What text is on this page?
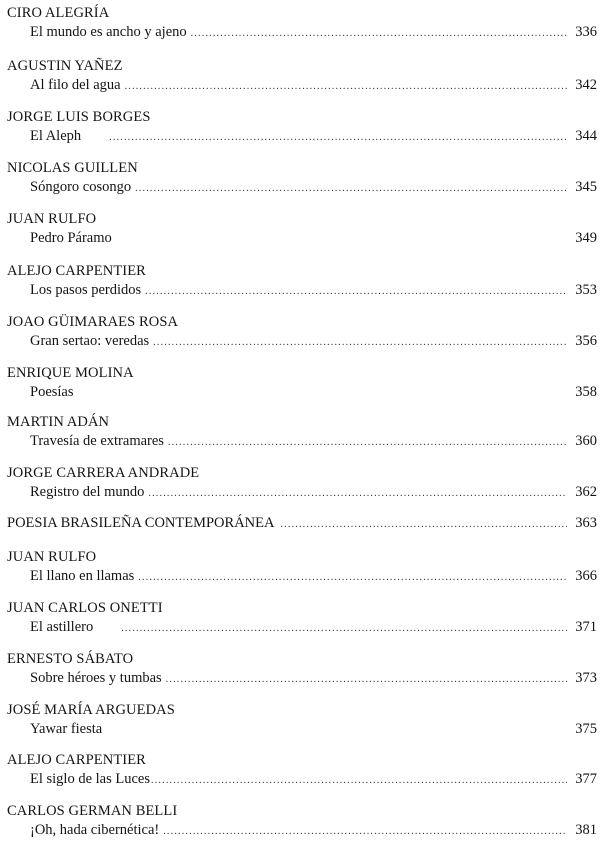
CIRO ALEGRÍA
El mundo es ancho y ajeno .....	336
AGUSTIN YAÑEZ
Al filo del agua .....	342
JORGE LUIS BORGES
El Aleph .....	344
NICOLAS GUILLEN
Sóngoro cosongo .....	345
JUAN RULFO
Pedro Páramo	349
ALEJO CARPENTIER
Los pasos perdidos .....	353
JOAO GÜIMARAES ROSA
Gran sertao: veredas .....	356
ENRIQUE MOLINA
Poesías	358
MARTIN ADÁN
Travesía de extramares .....	360
JORGE CARRERA ANDRADE
Registro del mundo .....	362
POESIA BRASILEÑA CONTEMPORÁNEA .....	363
JUAN RULFO
El llano en llamas .....	366
JUAN CARLOS ONETTI
El astillero .....	371
ERNESTO SÁBATO
Sobre héroes y tumbas .....	373
JOSÉ MARÍA ARGUEDAS
Yawar fiesta	375
ALEJO CARPENTIER
El siglo de las Luces .....	377
CARLOS GERMAN BELLI
¡Oh, hada cibernética! .....	381
